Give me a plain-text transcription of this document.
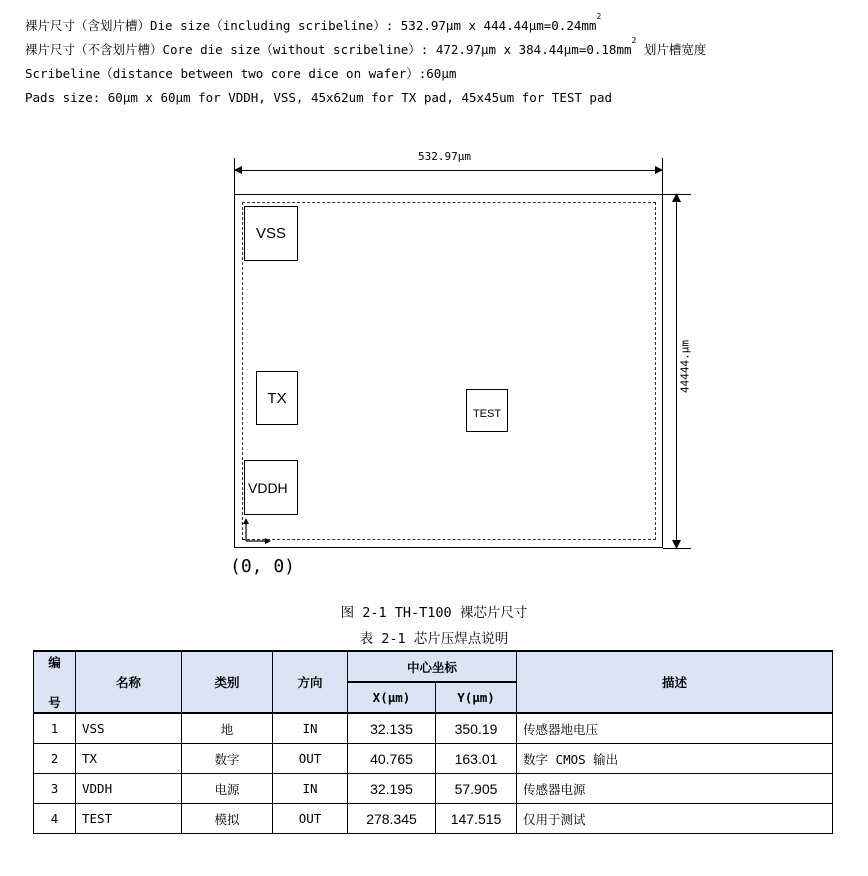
裸片尺寸（含划片槽）Die size（including scribeline）: 532.97μm x $444.44\mu m=0.24mm^2$
裸片尺寸（不含划片槽）Core die size（without scribeline）: 472.97μm x $384.44\mu m=0.18mm^2$ 划片槽宽度
Scribeline（distance between two core dice on wafer）:60μm
Pads size: 60μm x 60μm for VDDH, VSS, 45x62um for TX pad, 45x45um for TEST pad
532.97μm
44444.μm
VSS
TX
VDDH
TEST
(0, 0)
图 2-1 TH-T100 裸芯片尺寸
表 2-1 芯片压焊点说明
编
号	名称	类别	方向	中心坐标		描述
				X(μm)	Y(μm)	
1	VSS	地	IN	32.135	350.19	传感器地电压
2	TX	数字	OUT	40.765	163.01	数字 CMOS 输出
3	VDDH	电源	IN	32.195	57.905	传感器电源
4	TEST	模拟	OUT	278.345	147.515	仅用于测试
